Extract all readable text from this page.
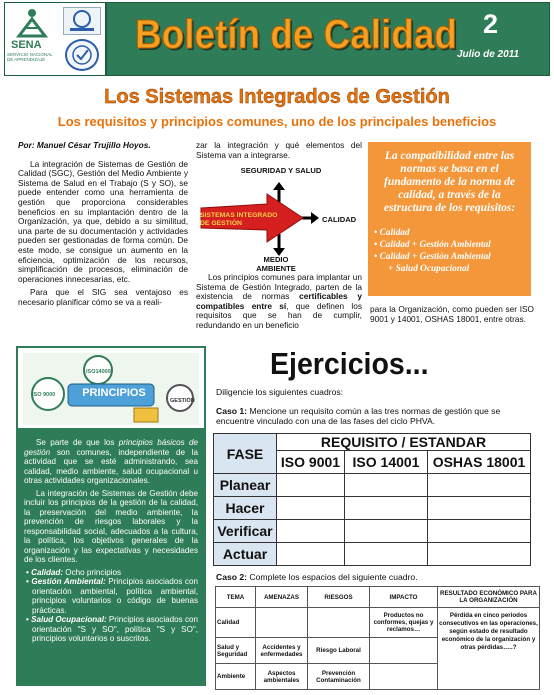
SENA
SERVICIO NACIONAL DE APRENDIZAJE
Boletín de Calidad 2
Julio de 2011
Los Sistemas Integrados de Gestión
Los requisitos y principios comunes, uno de los principales beneficios

Por: Manuel César Trujillo Hoyos.

La integración de Sistemas de Gestión de Calidad (SGC), Gestión del Medio Ambiente y Sistema de Salud en el Trabajo (S y SO), se puede entender como una herramienta de gestión que proporciona considerables beneficios en su implantación dentro de la Organización, ya que, debido a su similitud, una parte de su documentación y actividades pueden ser gestionadas de forma común. De este modo, se consigue un aumento en la eficiencia, optimización de los recursos, simplificación de procesos, eliminación de operaciones innecesarias, etc.

Para que el SIG sea ventajoso es necesario planificar cómo se va a reali-

zar la integración y qué elementos del Sistema van a integrarse.

SEGURIDAD Y SALUD
SISTEMAS INTEGRADO DE GESTIÓN	CALIDAD
MEDIO AMBIENTE

Los principios comunes para implantar un Sistema de Gestión Integrado, parten de la existencia de normas certificables y compatibles entre sí, que definen los requisitos que se han de cumplir, redundando en un beneficio

La compatibilidad entre las normas se basa en el fundamento de la norma de calidad, a través de la estructura de los requisitos:
• Calidad
• Calidad + Gestión Ambiental
• Calidad + Gestión Ambiental
+ Salud Ocupacional

para la Organización, como pueden ser ISO 9001 y 14001, OSHAS 18001, entre otras.

PRINCIPIOS
ISO 9000
ISO14000
GESTIÓN

Se parte de que los principios básicos de gestión son comunes, independiente de la actividad que se esté administrando, sea calidad, medio ambiente, salud ocupacional u otras actividades organizacionales.

La integración de Sistemas de Gestión debe incluir los principios de la gestión de la calidad, la preservación del medio ambiente, la prevención de riesgos laborales y la responsabilidad social, adecuados a la cultura, la política, los objetivos generales de la organización y las expectativas y necesidades de los clientes.

• Calidad: Ocho principios
• Gestión Ambiental: Principios asociados con orientación ambiental, política ambiental, principios voluntarios o código de buenas prácticas.
• Salud Ocupacional: Principios asociados con orientación "S y SO", política "S y SO", principios voluntarios o suscritos.
Ejercicios...
Diligencie los siguientes cuadros:
Caso 1: Mencione un requisito común a las tres normas de gestión que se encuentre vinculado con una de las fases del ciclo PHVA.
FASE	REQUISITO / ESTANDAR		
	ISO 9001	ISO 14001	OSHAS 18001
Planear			
Hacer			
Verificar			
Actuar			
Caso 2: Complete los espacios del siguiente cuadro.
TEMA	AMENAZAS	RIESGOS	IMPACTO	RESULTADO ECONÓMICO PARA LA ORGANIZACIÓN
Calidad			Productos no conformes, quejas y reclamos…	Pérdida en cinco periodos consecutivos en las operaciones, según estado de resultado económico de la organización y otras pérdidas…..?
Salud y Seguridad	Accidentes y enfermedades	Riesgo Laboral		
Ambiente	Aspectos ambientales	Prevención Contaminación		
